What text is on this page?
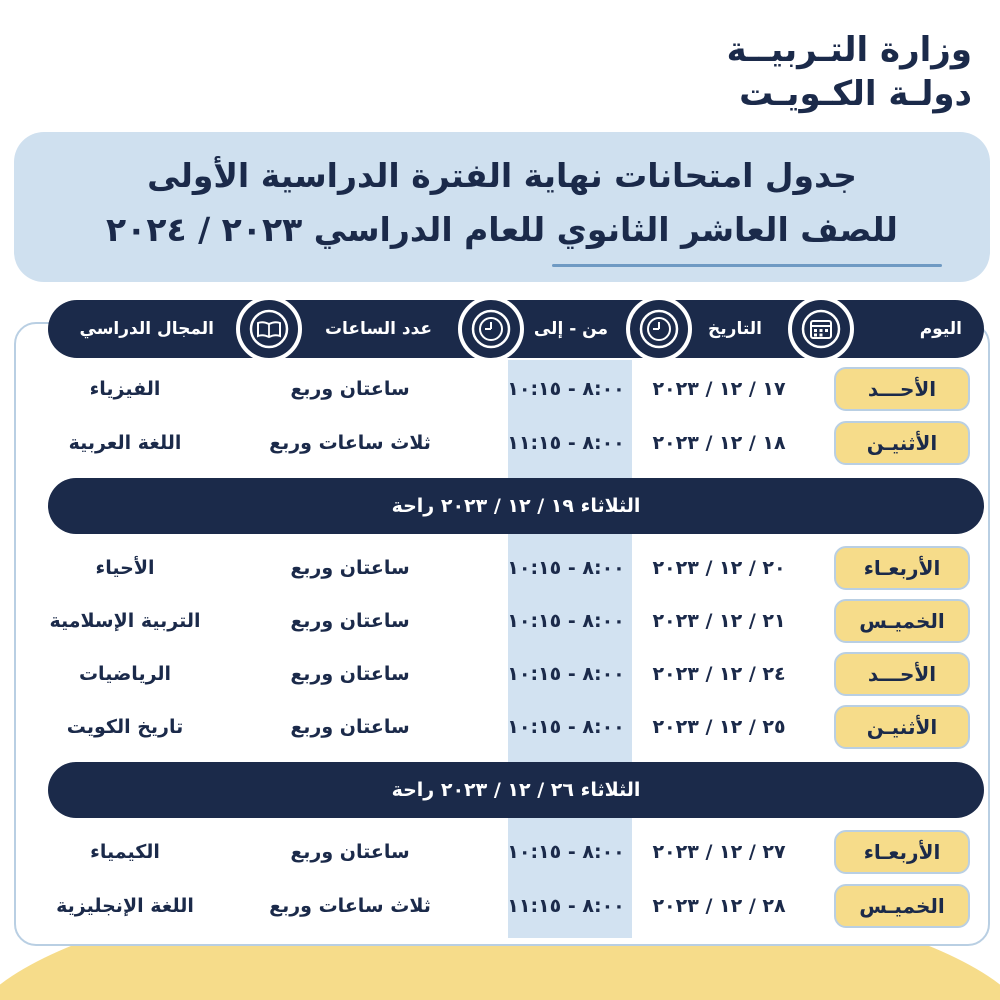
وزارة التـربيــة
دولـة الكـويـت
جدول امتحانات نهاية الفترة الدراسية الأولى
للصف العاشر الثانوي للعام الدراسي ٢٠٢٣ / ٢٠٢٤
اليوم
التاريخ
من - إلى
عدد الساعات
المجال الدراسي
الأحـــد
١٧ / ١٢ / ٢٠٢٣
٨:٠٠ - ١٠:١٥
ساعتان وربع
الفيزياء
الأثنيـن
١٨ / ١٢ / ٢٠٢٣
٨:٠٠ - ١١:١٥
ثلاث ساعات وربع
اللغة العربية
الثلاثاء ١٩ / ١٢ / ٢٠٢٣ راحة
الأربعـاء
٢٠ / ١٢ / ٢٠٢٣
٨:٠٠ - ١٠:١٥
ساعتان وربع
الأحياء
الخميـس
٢١ / ١٢ / ٢٠٢٣
٨:٠٠ - ١٠:١٥
ساعتان وربع
التربية الإسلامية
الأحـــد
٢٤ / ١٢ / ٢٠٢٣
٨:٠٠ - ١٠:١٥
ساعتان وربع
الرياضيات
الأثنيـن
٢٥ / ١٢ / ٢٠٢٣
٨:٠٠ - ١٠:١٥
ساعتان وربع
تاريخ الكويت
الثلاثاء ٢٦ / ١٢ / ٢٠٢٣ راحة
الأربعـاء
٢٧ / ١٢ / ٢٠٢٣
٨:٠٠ - ١٠:١٥
ساعتان وربع
الكيمياء
الخميـس
٢٨ / ١٢ / ٢٠٢٣
٨:٠٠ - ١١:١٥
ثلاث ساعات وربع
اللغة الإنجليزية
